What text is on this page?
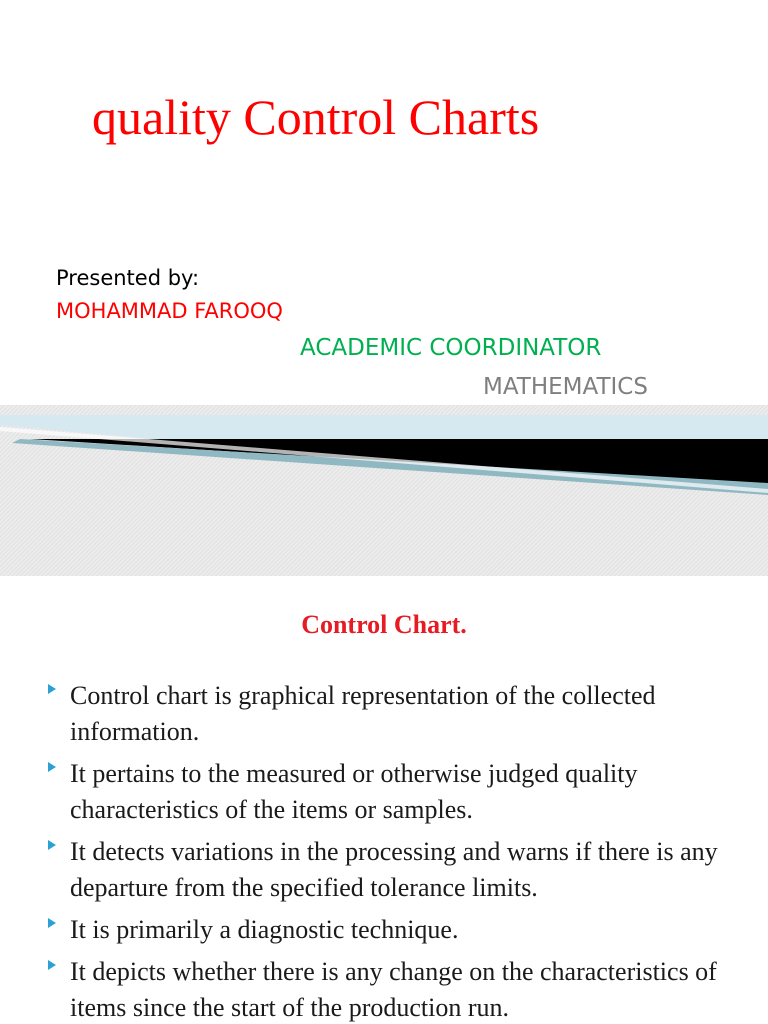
quality Control Charts
Presented by:
MOHAMMAD FAROOQ
ACADEMIC COORDINATOR
MATHEMATICS
Control Chart.
Control chart is graphical representation of the collected information.
It pertains to the measured or otherwise judged quality characteristics of the items or samples.
It detects variations in the processing and warns if there is any departure from the specified tolerance limits.
It is primarily a diagnostic technique.
It depicts whether there is any change on the characteristics of items since the start of the production run.
